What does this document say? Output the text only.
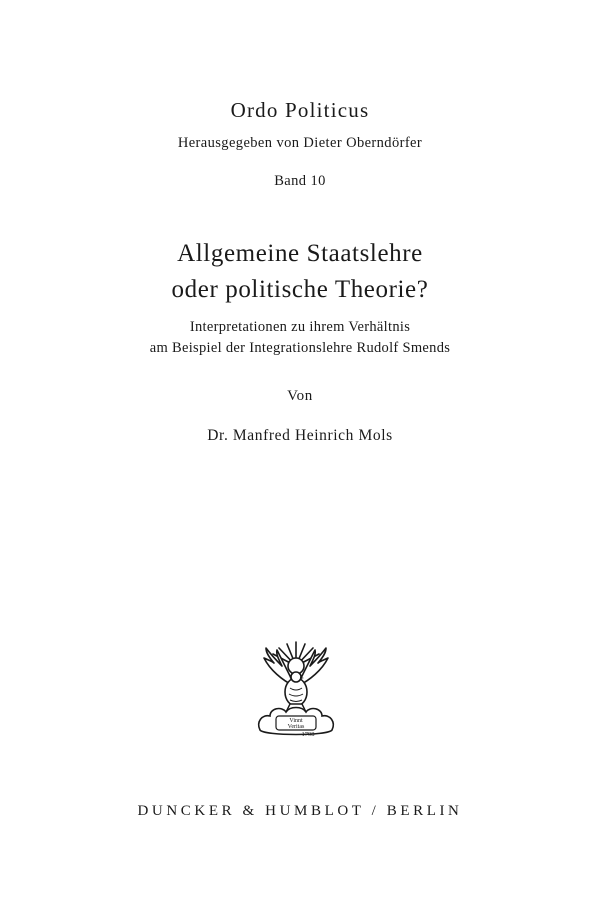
Ordo Politicus
Herausgegeben von Dieter Oberndörfer
Band 10
Allgemeine Staatslehre
oder politische Theorie?
Interpretationen zu ihrem Verhältnis
am Beispiel der Integrationslehre Rudolf Smends
Von
Dr. Manfred Heinrich Mols
Vinnt
Veritas
1798
DUNCKER & HUMBLOT / BERLIN
